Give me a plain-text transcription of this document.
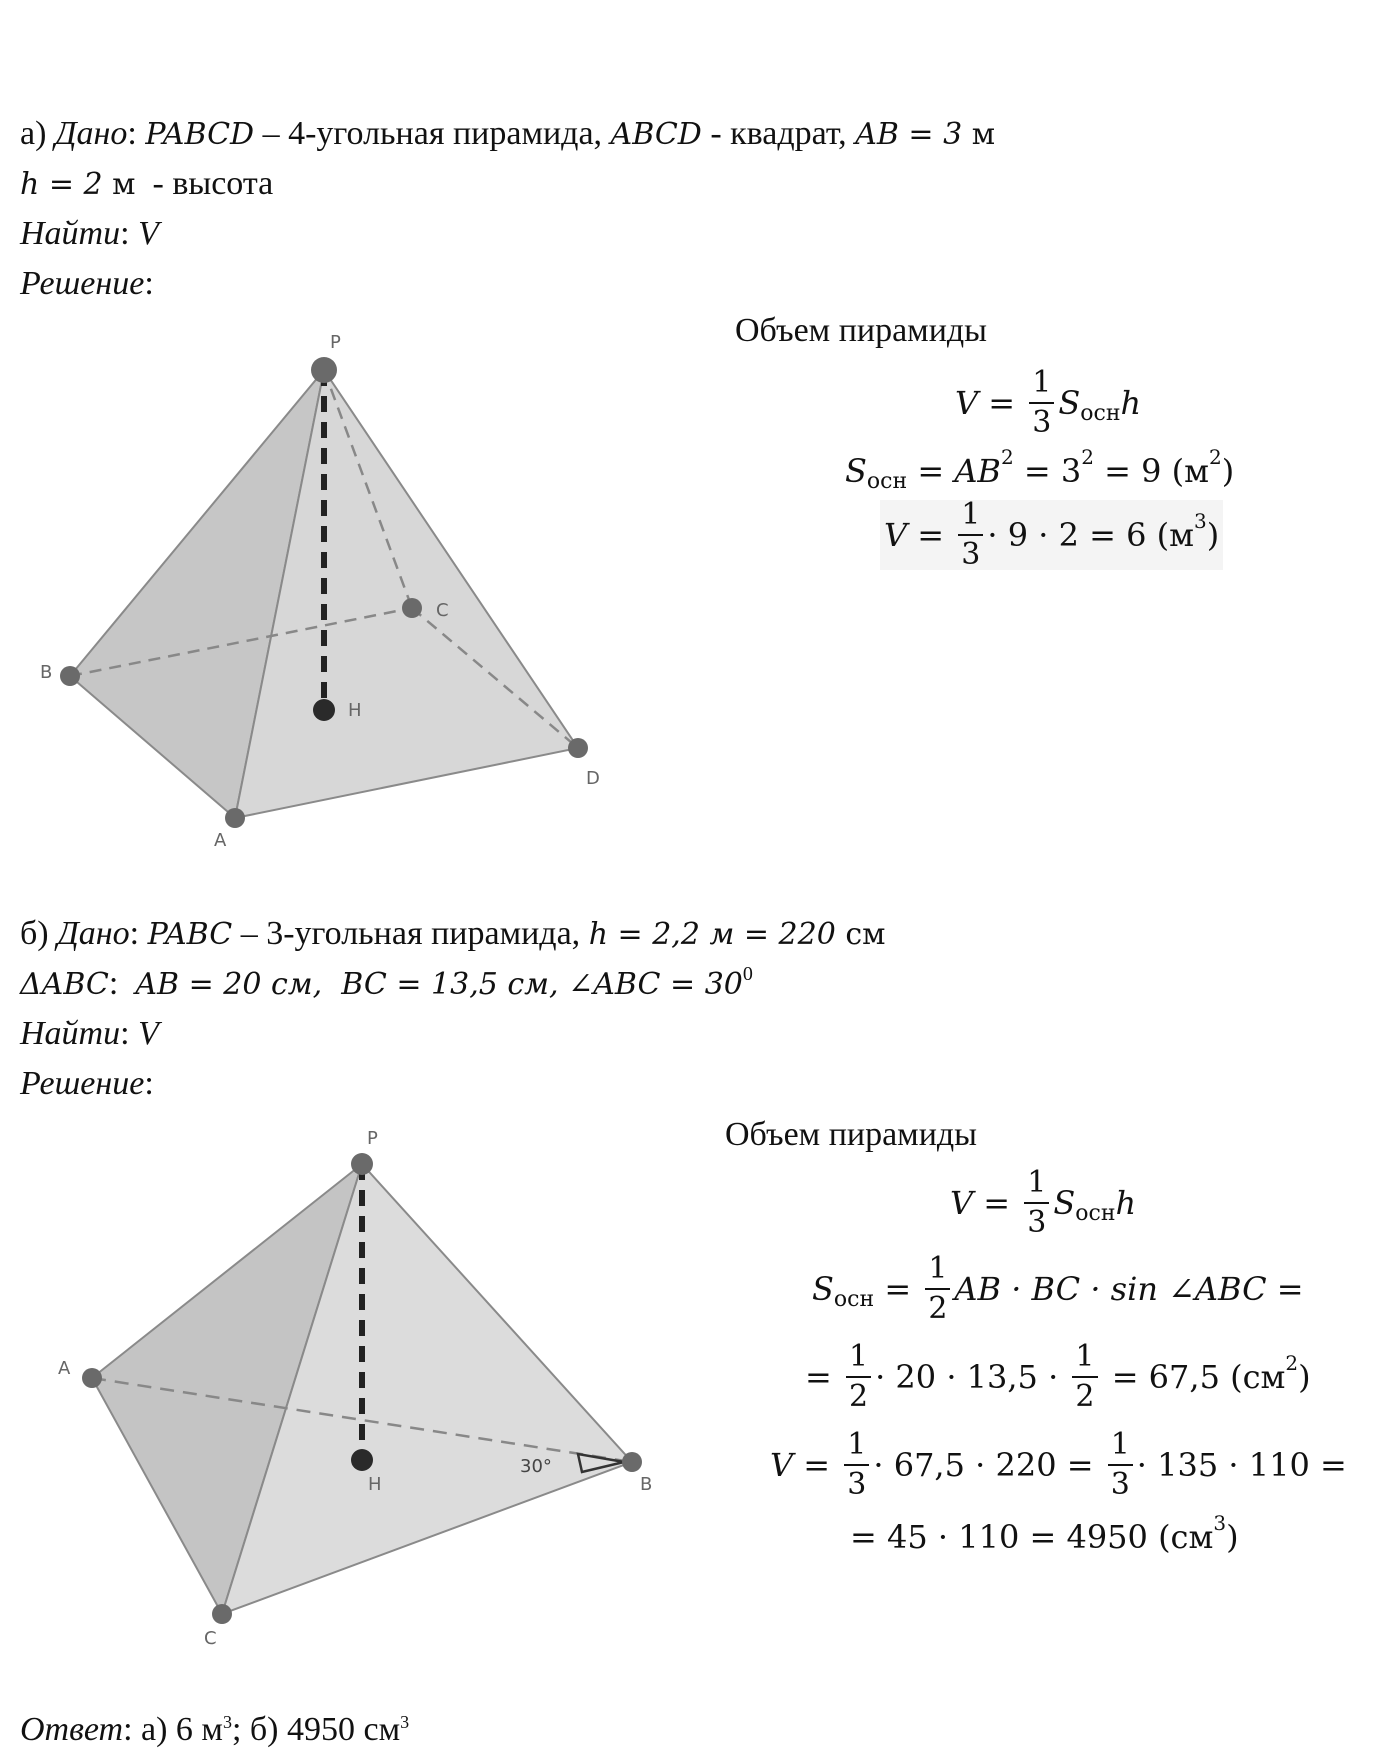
а) Дано: PABCD – 4-угольная пирамида, ABCD - квадрат, AB = 3 м
h = 2 м  - высота
Найти: V
Решение:
Объем пирамиды
$V = \frac{1}{3}$ S осн h
S осн = AB 2 = 3 2 = 9 (м 2 )
$V = \frac{1}{3} \cdot 9 \cdot 2 = 6$ (м 3 )
P
B
C
H
D
A
б) Дано: PABC – 3-угольная пирамида, h = 2,2 м = 220 см
ΔABC:  AB = 20 см,  BC = 13,5 см, ∠ABC = $30^0$
Найти: V
Решение:
Объем пирамиды
$V = \frac{1}{3}$ S осн h
S осн = $\frac{1}{2}$ AB · BC · sin ∠ABC =
= $\frac{1}{2} \cdot 20 \cdot 13,5 \cdot \frac{1}{2} = 67,5$ (см 2 )
$V = \frac{1}{3} \cdot 67,5 \cdot 220 = \frac{1}{3} \cdot 135 \cdot 110$ =
= 45 · 110 = 4950 (см 3 )
P
A
H	B
C
30°
Ответ: а) 6 $м^3$; б) 4950 $см^3$
